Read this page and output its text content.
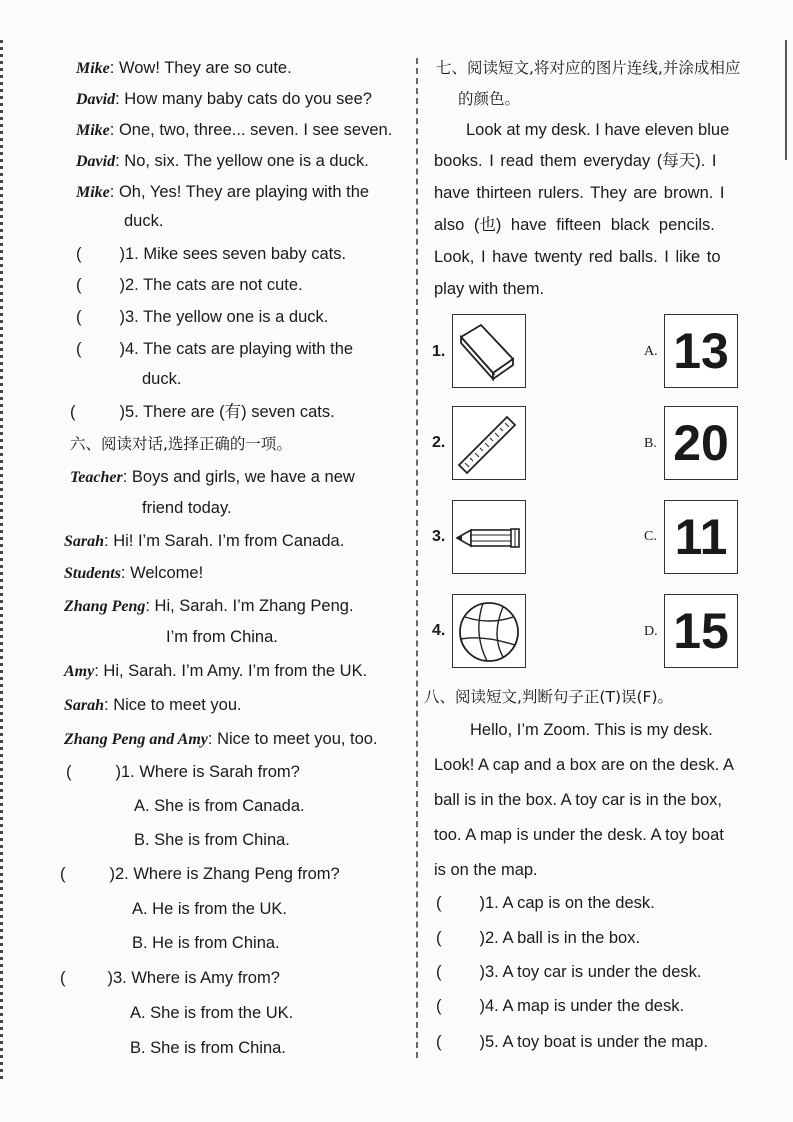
Mike: Wow! They are so cute.
David: How many baby cats do you see?
Mike: One, two, three... seven. I see seven.
David: No, six. The yellow one is a duck.
Mike: Oh, Yes! They are playing with the
duck.
( )1. Mike sees seven baby cats.
( )2. The cats are not cute.
( )3. The yellow one is a duck.
( )4. The cats are playing with the
duck.
(	)5. There are (有) seven cats.
六、阅读对话,选择正确的一项。
Teacher: Boys and girls, we have a new
friend today.
Sarah: Hi! I’m Sarah. I’m from Canada.
Students: Welcome!
Zhang Peng: Hi, Sarah. I’m Zhang Peng.
I’m from China.
Amy: Hi, Sarah. I’m Amy. I’m from the UK.
Sarah: Nice to meet you.
Zhang Peng and Amy: Nice to meet you, too.
(	)1. Where is Sarah from?
A. She is from Canada.
B. She is from China.
(	)2. Where is Zhang Peng from?
A. He is from the UK.
B. He is from China.
(	)3. Where is Amy from?
A. She is from the UK.
B. She is from China.
七、阅读短文,将对应的图片连线,并涂成相应
的颜色。
Look at my desk. I have eleven blue
books. I read them everyday (每天). I
have thirteen rulers. They are brown. I
also (也) have fifteen black pencils.
Look, I have twenty red balls. I like to
play with them.
1.
2.
3.
4.
A. 13
B. 20
C. 11
D. 15
八、阅读短文,判断句子正(T)误(F)。
Hello, I’m Zoom. This is my desk.
Look! A cap and a box are on the desk. A
ball is in the box. A toy car is in the box,
too. A map is under the desk. A toy boat
is on the map.
( )1. A cap is on the desk.
( )2. A ball is in the box.
( )3. A toy car is under the desk.
( )4. A map is under the desk.
( )5. A toy boat is under the map.
